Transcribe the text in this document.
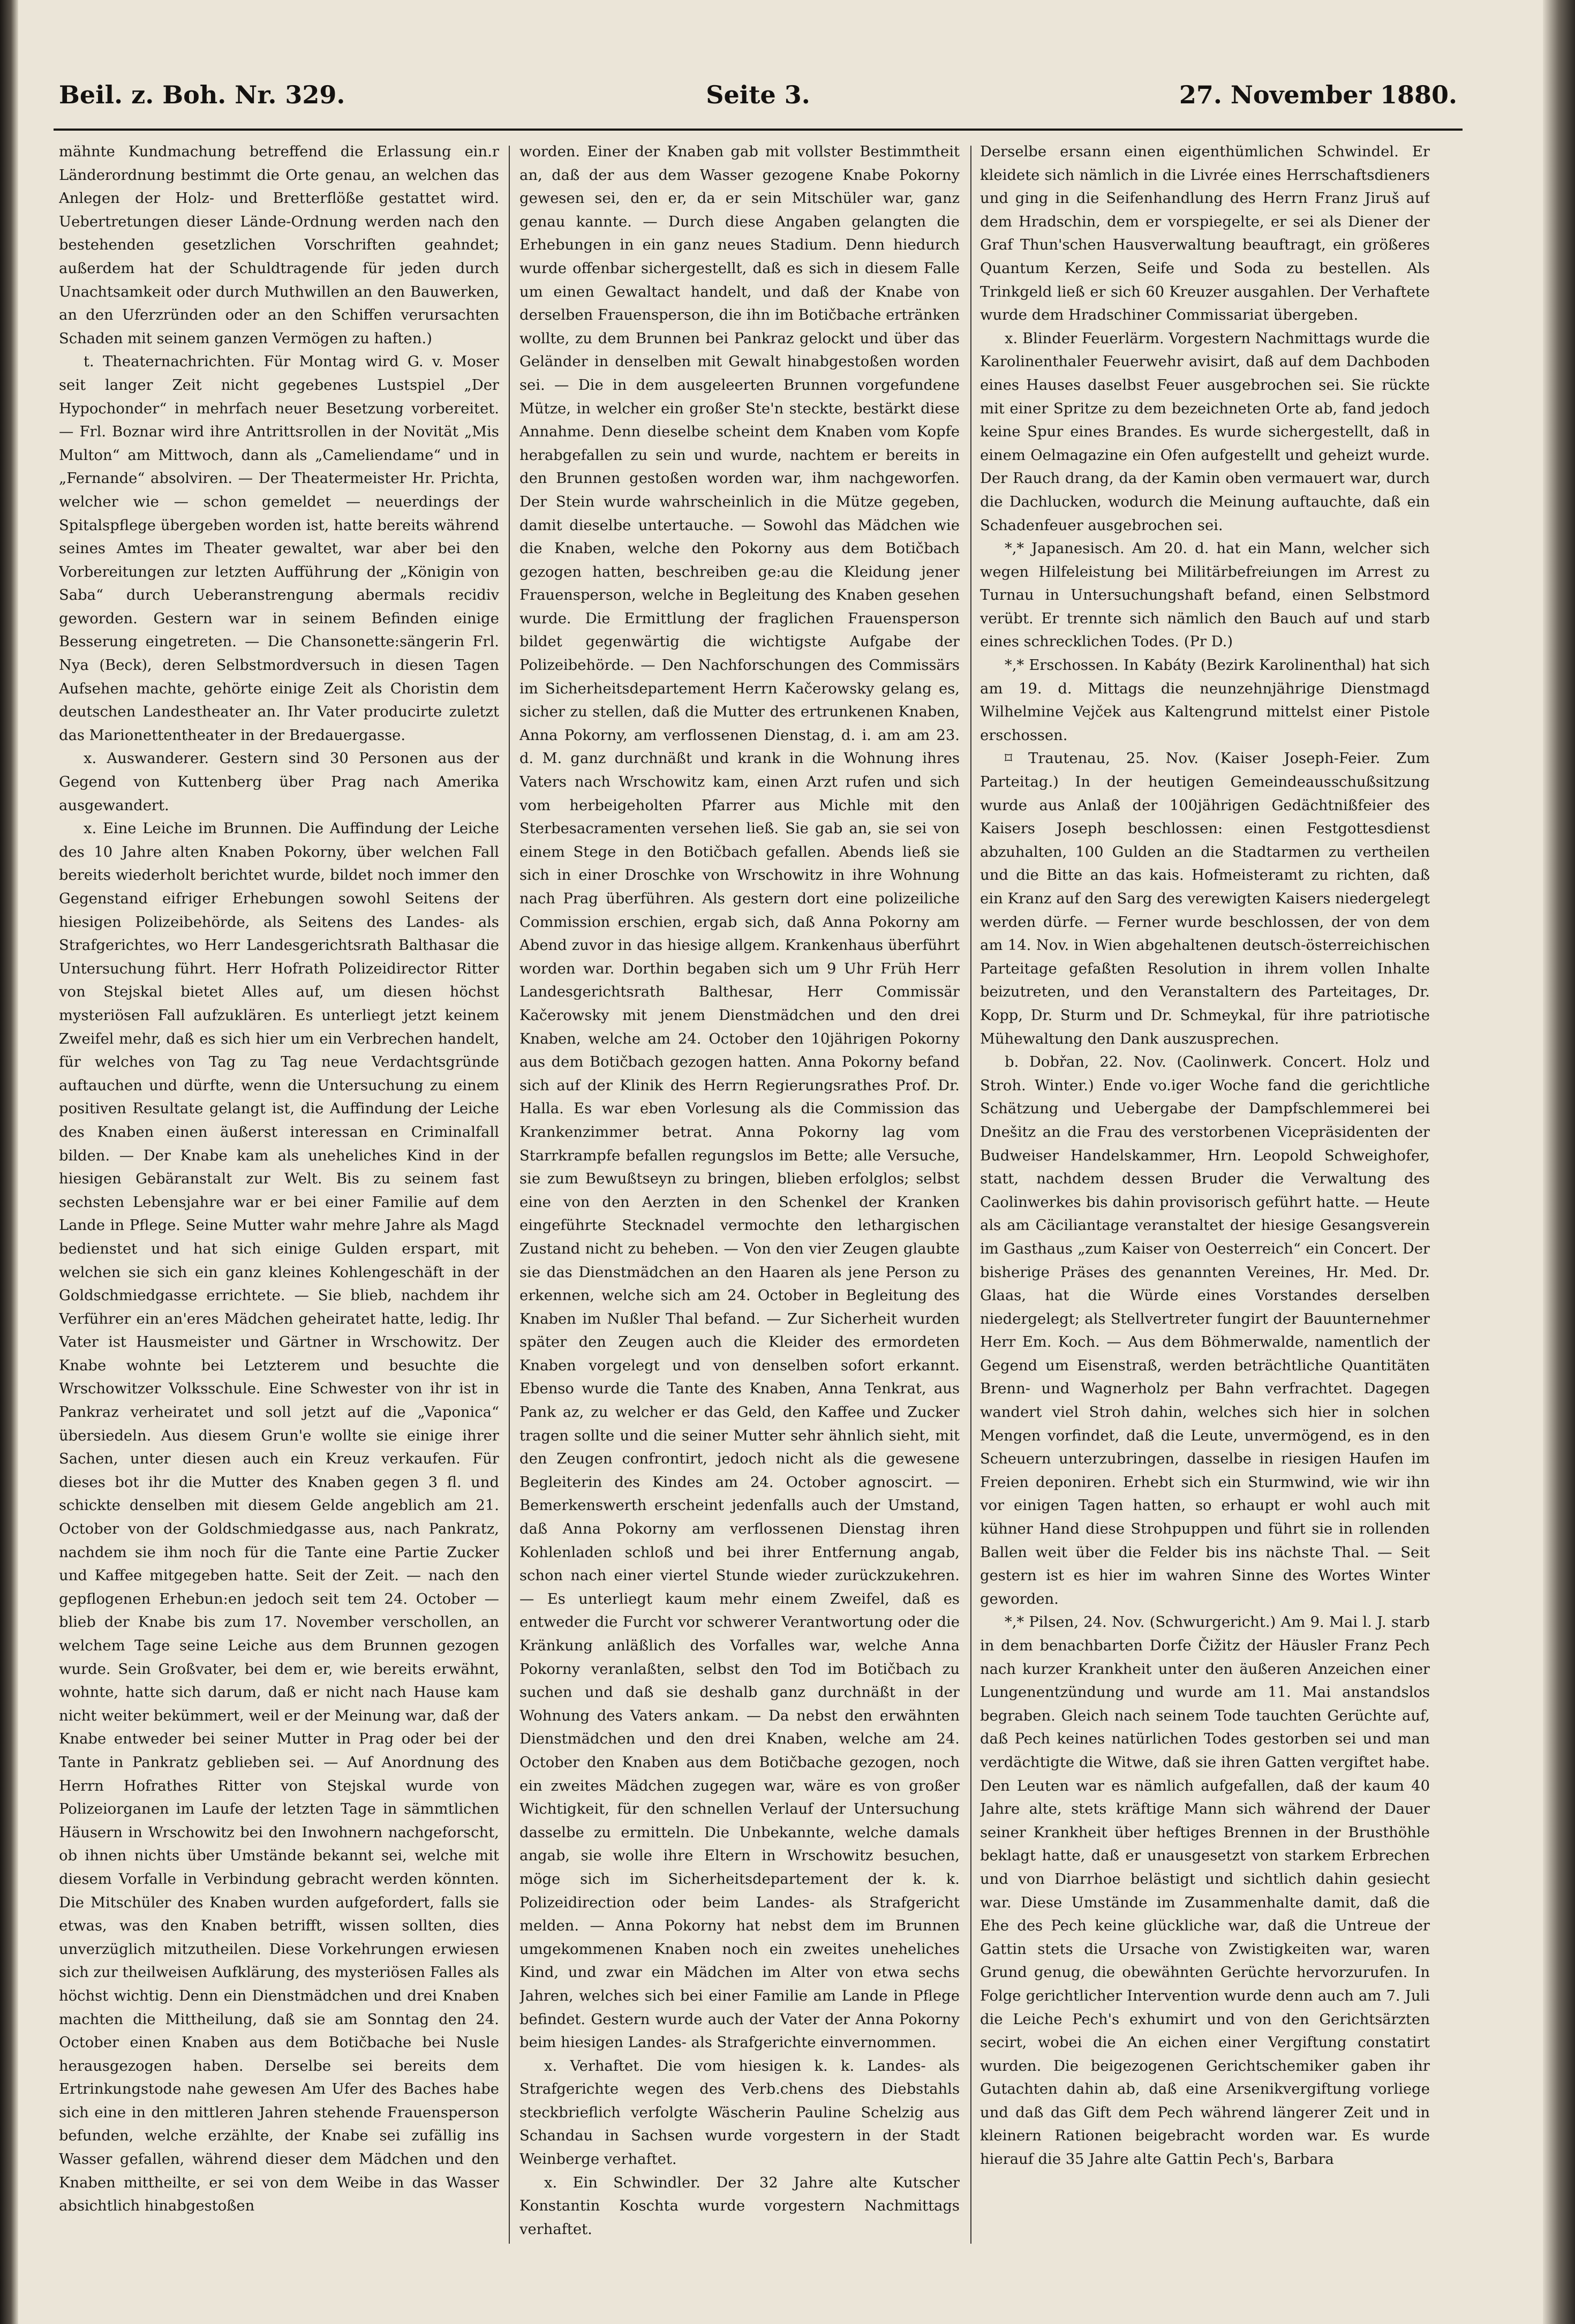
Beil. z. Boh. Nr. 329.	Seite 3.	27. November 1880.

mähnte Kundmachung betreffend die Erlassung ein.r Länderordnung bestimmt die Orte genau, an welchen das Anlegen der Holz- und Bretterflöße gestattet wird. Uebertretungen dieser Lände-Ordnung werden nach den bestehenden gesetzlichen Vorschriften geahndet; außerdem hat der Schuldtragende für jeden durch Unachtsamkeit oder durch Muthwillen an den Bauwerken, an den Uferzründen oder an den Schiffen verursachten Schaden mit seinem ganzen Vermögen zu haften.)

t. Theaternachrichten. Für Montag wird G. v. Moser seit langer Zeit nicht gegebenes Lustspiel „Der Hypochonder“ in mehrfach neuer Besetzung vorbereitet. — Frl. Boznar wird ihre Antrittsrollen in der Novität „Mis Multon“ am Mittwoch, dann als „Cameliendame“ und in „Fernande“ absolviren. — Der Theatermeister Hr. Prichta, welcher wie — schon gemeldet — neuerdings der Spitalspflege übergeben worden ist, hatte bereits während seines Amtes im Theater gewaltet, war aber bei den Vorbereitungen zur letzten Aufführung der „Königin von Saba“ durch Ueberanstrengung abermals recidiv geworden. Gestern war in seinem Befinden einige Besserung eingetreten. — Die Chansonette:sängerin Frl. Nya (Beck), deren Selbstmordversuch in diesen Tagen Aufsehen machte, gehörte einige Zeit als Choristin dem deutschen Landestheater an. Ihr Vater producirte zuletzt das Marionettentheater in der Bredauergasse.

x. Auswanderer. Gestern sind 30 Personen aus der Gegend von Kuttenberg über Prag nach Amerika ausgewandert.

x. Eine Leiche im Brunnen. Die Auffindung der Leiche des 10 Jahre alten Knaben Pokorny, über welchen Fall bereits wiederholt berichtet wurde, bildet noch immer den Gegenstand eifriger Erhebungen sowohl Seitens der hiesigen Polizeibehörde, als Seitens des Landes- als Strafgerichtes, wo Herr Landesgerichtsrath Balthasar die Untersuchung führt. Herr Hofrath Polizeidirector Ritter von Stejskal bietet Alles auf, um diesen höchst mysteriösen Fall aufzuklären. Es unterliegt jetzt keinem Zweifel mehr, daß es sich hier um ein Verbrechen handelt, für welches von Tag zu Tag neue Verdachtsgründe auftauchen und dürfte, wenn die Untersuchung zu einem positiven Resultate gelangt ist, die Auffindung der Leiche des Knaben einen äußerst interessan en Criminalfall bilden. — Der Knabe kam als uneheliches Kind in der hiesigen Gebäranstalt zur Welt. Bis zu seinem fast sechsten Lebensjahre war er bei einer Familie auf dem Lande in Pflege. Seine Mutter wahr mehre Jahre als Magd bedienstet und hat sich einige Gulden erspart, mit welchen sie sich ein ganz kleines Kohlengeschäft in der Goldschmiedgasse errichtete. — Sie blieb, nachdem ihr Verführer ein an'eres Mädchen geheiratet hatte, ledig. Ihr Vater ist Hausmeister und Gärtner in Wrschowitz. Der Knabe wohnte bei Letzterem und besuchte die Wrschowitzer Volksschule. Eine Schwester von ihr ist in Pankraz verheiratet und soll jetzt auf die „Vaponica“ übersiedeln. Aus diesem Grun'e wollte sie einige ihrer Sachen, unter diesen auch ein Kreuz verkaufen. Für dieses bot ihr die Mutter des Knaben gegen 3 fl. und schickte denselben mit diesem Gelde angeblich am 21. October von der Goldschmiedgasse aus, nach Pankratz, nachdem sie ihm noch für die Tante eine Partie Zucker und Kaffee mitgegeben hatte. Seit der Zeit. — nach den gepflogenen Erhebun:en jedoch seit tem 24. October — blieb der Knabe bis zum 17. November verschollen, an welchem Tage seine Leiche aus dem Brunnen gezogen wurde. Sein Großvater, bei dem er, wie bereits erwähnt, wohnte, hatte sich darum, daß er nicht nach Hause kam nicht weiter bekümmert, weil er der Meinung war, daß der Knabe entweder bei seiner Mutter in Prag oder bei der Tante in Pankratz geblieben sei. — Auf Anordnung des Herrn Hofrathes Ritter von Stejskal wurde von Polizeiorganen im Laufe der letzten Tage in sämmtlichen Häusern in Wrschowitz bei den Inwohnern nachgeforscht, ob ihnen nichts über Umstände bekannt sei, welche mit diesem Vorfalle in Verbindung gebracht werden könnten. Die Mitschüler des Knaben wurden aufgefordert, falls sie etwas, was den Knaben betrifft, wissen sollten, dies unverzüglich mitzutheilen. Diese Vorkehrungen erwiesen sich zur theilweisen Aufklärung, des mysteriösen Falles als höchst wichtig. Denn ein Dienstmädchen und drei Knaben machten die Mittheilung, daß sie am Sonntag den 24. October einen Knaben aus dem Botičbache bei Nusle herausgezogen haben. Derselbe sei bereits dem Ertrinkungstode nahe gewesen Am Ufer des Baches habe sich eine in den mittleren Jahren stehende Frauensperson befunden, welche erzählte, der Knabe sei zufällig ins Wasser gefallen, während dieser dem Mädchen und den Knaben mittheilte, er sei von dem Weibe in das Wasser absichtlich hinabgestoßen

worden. Einer der Knaben gab mit vollster Bestimmtheit an, daß der aus dem Wasser gezogene Knabe Pokorny gewesen sei, den er, da er sein Mitschüler war, ganz genau kannte. — Durch diese Angaben gelangten die Erhebungen in ein ganz neues Stadium. Denn hiedurch wurde offenbar sichergestellt, daß es sich in diesem Falle um einen Gewaltact handelt, und daß der Knabe von derselben Frauensperson, die ihn im Botičbache ertränken wollte, zu dem Brunnen bei Pankraz gelockt und über das Geländer in denselben mit Gewalt hinabgestoßen worden sei. — Die in dem ausgeleerten Brunnen vorgefundene Mütze, in welcher ein großer Ste'n steckte, bestärkt diese Annahme. Denn dieselbe scheint dem Knaben vom Kopfe herabgefallen zu sein und wurde, nachtem er bereits in den Brunnen gestoßen worden war, ihm nachgeworfen. Der Stein wurde wahrscheinlich in die Mütze gegeben, damit dieselbe untertauche. — Sowohl das Mädchen wie die Knaben, welche den Pokorny aus dem Botičbach gezogen hatten, beschreiben ge:au die Kleidung jener Frauensperson, welche in Begleitung des Knaben gesehen wurde. Die Ermittlung der fraglichen Frauensperson bildet gegenwärtig die wichtigste Aufgabe der Polizeibehörde. — Den Nachforschungen des Commissärs im Sicherheitsdepartement Herrn Kačerowsky gelang es, sicher zu stellen, daß die Mutter des ertrunkenen Knaben, Anna Pokorny, am verflossenen Dienstag, d. i. am am 23. d. M. ganz durchnäßt und krank in die Wohnung ihres Vaters nach Wrschowitz kam, einen Arzt rufen und sich vom herbeigeholten Pfarrer aus Michle mit den Sterbesacramenten versehen ließ. Sie gab an, sie sei von einem Stege in den Botičbach gefallen. Abends ließ sie sich in einer Droschke von Wrschowitz in ihre Wohnung nach Prag überführen. Als gestern dort eine polizeiliche Commission erschien, ergab sich, daß Anna Pokorny am Abend zuvor in das hiesige allgem. Krankenhaus überführt worden war. Dorthin begaben sich um 9 Uhr Früh Herr Landesgerichtsrath Balthesar, Herr Commissär Kačerowsky mit jenem Dienstmädchen und den drei Knaben, welche am 24. October den 10jährigen Pokorny aus dem Botičbach gezogen hatten. Anna Pokorny befand sich auf der Klinik des Herrn Regierungsrathes Prof. Dr. Halla. Es war eben Vorlesung als die Commission das Krankenzimmer betrat. Anna Pokorny lag vom Starrkrampfe befallen regungslos im Bette; alle Versuche, sie zum Bewußtseyn zu bringen, blieben erfolglos; selbst eine von den Aerzten in den Schenkel der Kranken eingeführte Stecknadel vermochte den lethargischen Zustand nicht zu beheben. — Von den vier Zeugen glaubte sie das Dienstmädchen an den Haaren als jene Person zu erkennen, welche sich am 24. October in Begleitung des Knaben im Nußler Thal befand. — Zur Sicherheit wurden später den Zeugen auch die Kleider des ermordeten Knaben vorgelegt und von denselben sofort erkannt. Ebenso wurde die Tante des Knaben, Anna Tenkrat, aus Pank az, zu welcher er das Geld, den Kaffee und Zucker tragen sollte und die seiner Mutter sehr ähnlich sieht, mit den Zeugen confrontirt, jedoch nicht als die gewesene Begleiterin des Kindes am 24. October agnoscirt. — Bemerkenswerth erscheint jedenfalls auch der Umstand, daß Anna Pokorny am verflossenen Dienstag ihren Kohlenladen schloß und bei ihrer Entfernung angab, schon nach einer viertel Stunde wieder zurückzukehren. — Es unterliegt kaum mehr einem Zweifel, daß es entweder die Furcht vor schwerer Verantwortung oder die Kränkung anläßlich des Vorfalles war, welche Anna Pokorny veranlaßten, selbst den Tod im Botičbach zu suchen und daß sie deshalb ganz durchnäßt in der Wohnung des Vaters ankam. — Da nebst den erwähnten Dienstmädchen und den drei Knaben, welche am 24. October den Knaben aus dem Botičbache gezogen, noch ein zweites Mädchen zugegen war, wäre es von großer Wichtigkeit, für den schnellen Verlauf der Untersuchung dasselbe zu ermitteln. Die Unbekannte, welche damals angab, sie wolle ihre Eltern in Wrschowitz besuchen, möge sich im Sicherheitsdepartement der k. k. Polizeidirection oder beim Landes- als Strafgericht melden. — Anna Pokorny hat nebst dem im Brunnen umgekommenen Knaben noch ein zweites uneheliches Kind, und zwar ein Mädchen im Alter von etwa sechs Jahren, welches sich bei einer Familie am Lande in Pflege befindet. Gestern wurde auch der Vater der Anna Pokorny beim hiesigen Landes- als Strafgerichte einvernommen.

x. Verhaftet. Die vom hiesigen k. k. Landes- als Strafgerichte wegen des Verb.chens des Diebstahls steckbrieflich verfolgte Wäscherin Pauline Schelzig aus Schandau in Sachsen wurde vorgestern in der Stadt Weinberge verhaftet.

x. Ein Schwindler. Der 32 Jahre alte Kutscher Konstantin Koschta wurde vorgestern Nachmittags verhaftet.

Derselbe ersann einen eigenthümlichen Schwindel. Er kleidete sich nämlich in die Livrée eines Herrschaftsdieners und ging in die Seifenhandlung des Herrn Franz Jiruš auf dem Hradschin, dem er vorspiegelte, er sei als Diener der Graf Thun'schen Hausverwaltung beauftragt, ein größeres Quantum Kerzen, Seife und Soda zu bestellen. Als Trinkgeld ließ er sich 60 Kreuzer ausgahlen. Der Verhaftete wurde dem Hradschiner Commissariat übergeben.

x. Blinder Feuerlärm. Vorgestern Nachmittags wurde die Karolinenthaler Feuerwehr avisirt, daß auf dem Dachboden eines Hauses daselbst Feuer ausgebrochen sei. Sie rückte mit einer Spritze zu dem bezeichneten Orte ab, fand jedoch keine Spur eines Brandes. Es wurde sichergestellt, daß in einem Oelmagazine ein Ofen aufgestellt und geheizt wurde. Der Rauch drang, da der Kamin oben vermauert war, durch die Dachlucken, wodurch die Meinung auftauchte, daß ein Schadenfeuer ausgebrochen sei.

*,* Japanesisch. Am 20. d. hat ein Mann, welcher sich wegen Hilfeleistung bei Militärbefreiungen im Arrest zu Turnau in Untersuchungshaft befand, einen Selbstmord verübt. Er trennte sich nämlich den Bauch auf und starb eines schrecklichen Todes. (Pr D.)

*,* Erschossen. In Kabáty (Bezirk Karolinenthal) hat sich am 19. d. Mittags die neunzehnjährige Dienstmagd Wilhelmine Vejček aus Kaltengrund mittelst einer Pistole erschossen.

⌑ Trautenau, 25. Nov. (Kaiser Joseph-Feier. Zum Parteitag.) In der heutigen Gemeindeausschußsitzung wurde aus Anlaß der 100jährigen Gedächtnißfeier des Kaisers Joseph beschlossen: einen Festgottesdienst abzuhalten, 100 Gulden an die Stadtarmen zu vertheilen und die Bitte an das kais. Hofmeisteramt zu richten, daß ein Kranz auf den Sarg des verewigten Kaisers niedergelegt werden dürfe. — Ferner wurde beschlossen, der von dem am 14. Nov. in Wien abgehaltenen deutsch-österreichischen Parteitage gefaßten Resolution in ihrem vollen Inhalte beizutreten, und den Veranstaltern des Parteitages, Dr. Kopp, Dr. Sturm und Dr. Schmeykal, für ihre patriotische Mühewaltung den Dank auszusprechen.

b. Dobřan, 22. Nov. (Caolinwerk. Concert. Holz und Stroh. Winter.) Ende vo.iger Woche fand die gerichtliche Schätzung und Uebergabe der Dampfschlemmerei bei Dnešitz an die Frau des verstorbenen Vicepräsidenten der Budweiser Handelskammer, Hrn. Leopold Schweighofer, statt, nachdem dessen Bruder die Verwaltung des Caolinwerkes bis dahin provisorisch geführt hatte. — Heute als am Cäciliantage veranstaltet der hiesige Gesangsverein im Gasthaus „zum Kaiser von Oesterreich“ ein Concert. Der bisherige Präses des genannten Vereines, Hr. Med. Dr. Glaas, hat die Würde eines Vorstandes derselben niedergelegt; als Stellvertreter fungirt der Bauunternehmer Herr Em. Koch. — Aus dem Böhmerwalde, namentlich der Gegend um Eisenstraß, werden beträchtliche Quantitäten Brenn- und Wagnerholz per Bahn verfrachtet. Dagegen wandert viel Stroh dahin, welches sich hier in solchen Mengen vorfindet, daß die Leute, unvermögend, es in den Scheuern unterzubringen, dasselbe in riesigen Haufen im Freien deponiren. Erhebt sich ein Sturmwind, wie wir ihn vor einigen Tagen hatten, so erhaupt er wohl auch mit kühner Hand diese Strohpuppen und führt sie in rollenden Ballen weit über die Felder bis ins nächste Thal. — Seit gestern ist es hier im wahren Sinne des Wortes Winter geworden.

*,* Pilsen, 24. Nov. (Schwurgericht.) Am 9. Mai l. J. starb in dem benachbarten Dorfe Čižitz der Häusler Franz Pech nach kurzer Krankheit unter den äußeren Anzeichen einer Lungenentzündung und wurde am 11. Mai anstandslos begraben. Gleich nach seinem Tode tauchten Gerüchte auf, daß Pech keines natürlichen Todes gestorben sei und man verdächtigte die Witwe, daß sie ihren Gatten vergiftet habe. Den Leuten war es nämlich aufgefallen, daß der kaum 40 Jahre alte, stets kräftige Mann sich während der Dauer seiner Krankheit über heftiges Brennen in der Brusthöhle beklagt hatte, daß er unausgesetzt von starkem Erbrechen und von Diarrhoe belästigt und sichtlich dahin gesiecht war. Diese Umstände im Zusammenhalte damit, daß die Ehe des Pech keine glückliche war, daß die Untreue der Gattin stets die Ursache von Zwistigkeiten war, waren Grund genug, die obewähnten Gerüchte hervorzurufen. In Folge gerichtlicher Intervention wurde denn auch am 7. Juli die Leiche Pech's exhumirt und von den Gerichtsärzten secirt, wobei die An eichen einer Vergiftung constatirt wurden. Die beigezogenen Gerichtschemiker gaben ihr Gutachten dahin ab, daß eine Arsenikvergiftung vorliege und daß das Gift dem Pech während längerer Zeit und in kleinern Rationen beigebracht worden war. Es wurde hierauf die 35 Jahre alte Gattin Pech's, Barbara
